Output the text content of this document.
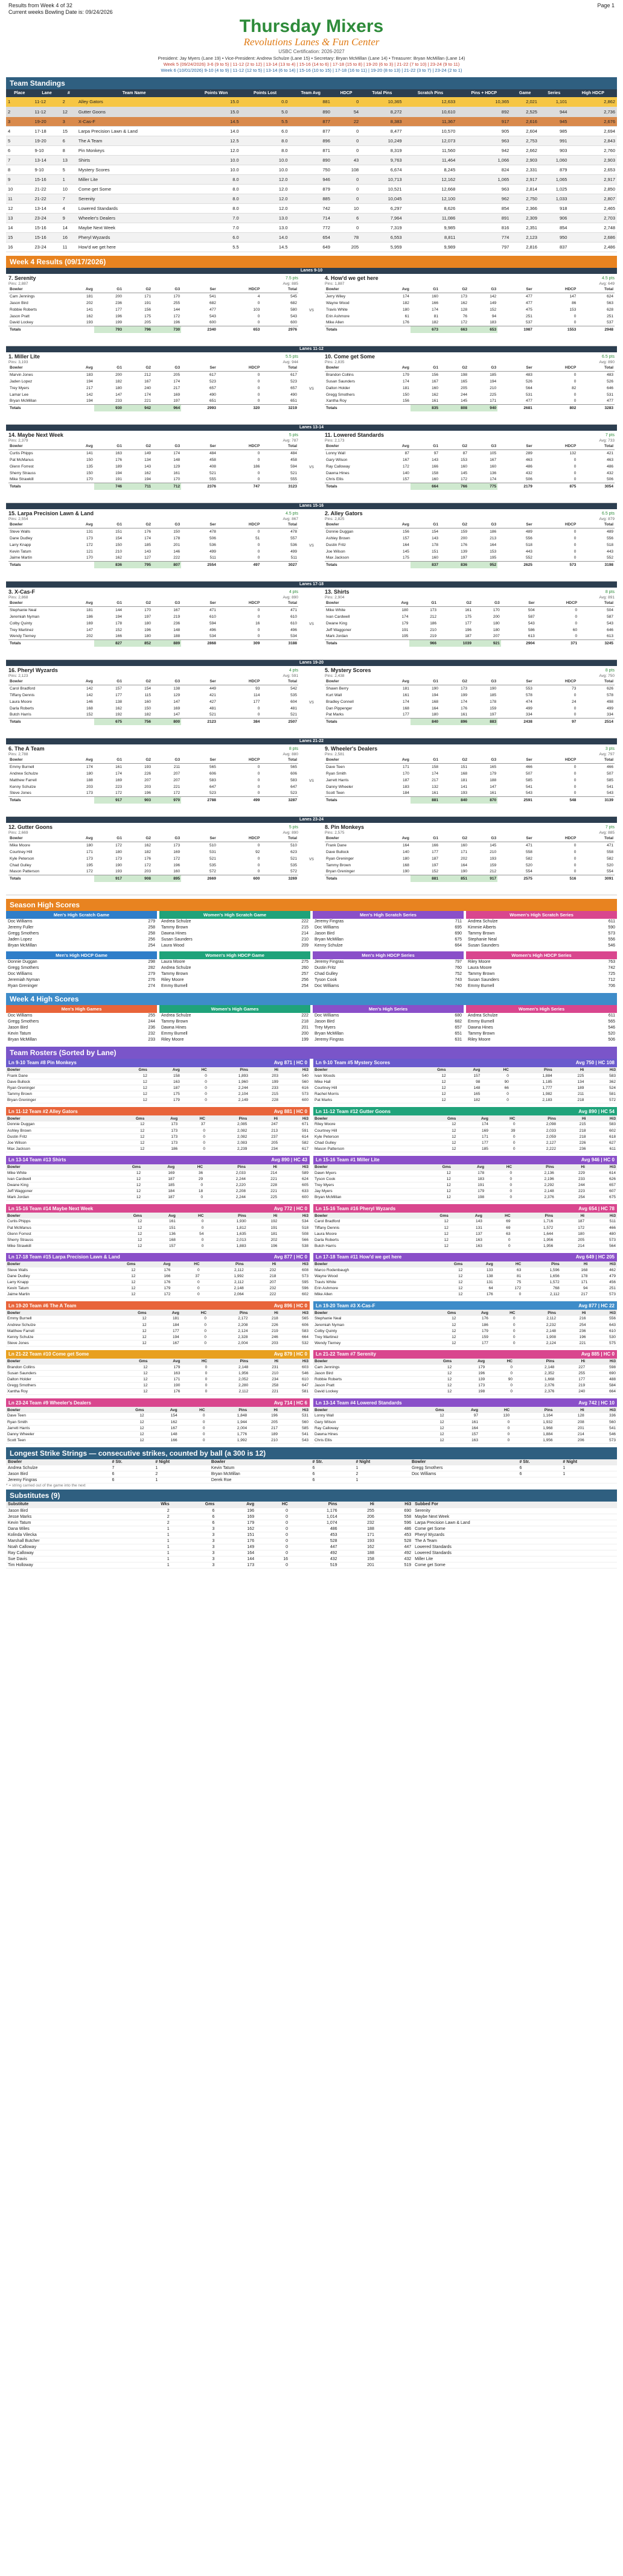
Results from Week 4 of 32
Current weeks Bowling Date is: 09/24/2026
Page 1
Thursday Mixers
Revolutions Lanes & Fun Center
USBC Certification: 2026-2027
President: Jay Myers (Lane 19) • Vice-President: Andrew Schulze (Lane 15) • Secretary: Bryan McMillan (Lane 14) • Treasurer: Bryan McMillan (Lane 14)
Week 5 (09/24/2026) 3-6 (9 to 5) | 11-12 (2 to 12) | 13-14 (13 to 4) | 15-16 (14 to 6) | 17-18 (15 to 8) | 19-20 (6 to 3) | 21-22 (7 to 10) | 23-24 (9 to 11)
Week 6 (10/01/2026) 9-10 (4 to 9) | 11-12 (12 to 5) | 13-14 (6 to 14) | 15-16 (10 to 15) | 17-18 (16 to 11) | 19-20 (8 to 13) | 21-22 (3 to 7) | 23-24 (2 to 1)
Team Standings
Place	Lane	#	Team Name	Points Won	Points Lost	Team Avg	HDCP	Total Pins	Scratch Pins	Pins + HDCP	Game	Series	High HDCP
1	11-12	2	Alley Gators	15.0	0.0	881	0	10,365	12,633	10,365	2,021	1,101	2,862
2	11-12	12	Gutter Goons	15.0	5.0	890	54	8,272	10,610	892	2,525	944	2,736
3	19-20	3	X-Cas-F	14.5	5.5	877	22	8,383	11,367	917	2,616	945	2,676
4	17-18	15	Larpa Precision Lawn & Land	14.0	6.0	877	0	8,477	10,570	905	2,604	985	2,694
5	19-20	6	The A Team	12.5	8.0	896	0	10,249	12,073	963	2,753	991	2,843
6	9-10	8	Pin Monkeys	12.0	8.0	871	0	8,319	11,560	942	2,662	903	2,760
7	13-14	13	Shirts	10.0	10.0	890	43	9,763	11,464	1,066	2,903	1,060	2,903
8	9-10	5	Mystery Scores	10.0	10.0	750	108	6,674	8,245	824	2,331	879	2,653
9	15-16	1	Miller Lite	8.0	12.0	946	0	10,713	12,162	1,065	2,917	1,065	2,917
10	21-22	10	Come get Some	8.0	12.0	879	0	10,521	12,668	963	2,814	1,025	2,850
11	21-22	7	Serenity	8.0	12.0	885	0	10,045	12,100	962	2,750	1,033	2,807
12	13-14	4	Lowered Standards	8.0	12.0	742	10	6,297	8,626	854	2,366	918	2,465
13	23-24	9	Wheeler's Dealers	7.0	13.0	714	6	7,964	11,086	891	2,309	906	2,703
14	15-16	14	Maybe Next Week	7.0	13.0	772	0	7,319	9,985	816	2,351	854	2,748
15	15-16	16	Pheryl Wyzards	6.0	14.0	654	78	6,553	8,811	774	2,123	950	2,686
16	23-24	11	How'd we get here	5.5	14.5	649	205	5,959	9,989	797	2,816	837	2,486
Week 4 Results (09/17/2026)
Lanes 9-10
7. Serenity	7.5 pts
Pins: 2,887	Avg: 885
Bowler	Avg	G1	G2	G3	Ser	HDCP	Total
Cam Jennings	181	200	171	170	541	4	545
Jason Bird	202	236	191	255	682	0	682
Robbie Roberts	141	177	156	144	477	103	580
Jason Pratt	162	196	175	172	543	0	543
David Lockey	193	199	205	196	600	0	600
Totals		793	796	730	2340	653	2976
vs
4. How'd we get here	4.5 pts
Pins: 1,887	Avg: 649
Bowler	Avg	G1	G2	G3	Ser	HDCP	Total
Jerry Wiley	174	160	173	142	477	147	624
Wayne Wood	182	166	162	149	477	86	563
Travis White	180	174	128	152	475	153	628
Erin Ashmore	61	81	76	94	251	0	251
Mike Allen	176	182	172	183	537	0	537
Totals		673	663	653	1987	1553	2948
Lanes 11-12
1. Miller Lite	5.5 pts
Pins: 3,193	Avg: 944
Bowler	Avg	G1	G2	G3	Ser	HDCP	Total
Marvin Jones	183	200	212	205	617	0	617
Jaden Lopez	194	182	167	174	523	0	523
Trey Myers	217	180	240	217	657	0	657
Lamar Lee	142	147	174	169	490	0	490
Bryan McMillan	194	233	221	197	651	0	651
Totals		930	942	964	2993	320	3219
vs
10. Come get Some	6.5 pts
Pins: 2,835	Avg: 890
Bowler	Avg	G1	G2	G3	Ser	HDCP	Total
Brandon Collins	179	156	198	185	483	0	483
Susan Saunders	174	167	165	194	526	0	526
Dalton Holder	181	160	205	210	564	82	646
Gregg Smothers	150	162	244	225	531	0	531
Xantha Roy	156	161	145	171	477	0	477
Totals		835	808	940	2681	802	3283
Lanes 13-14
14. Maybe Next Week	5 pts
Pins: 2,379	Avg: 787
Bowler	Avg	G1	G2	G3	Ser	HDCP	Total
Curtis Phipps	141	163	149	174	484	0	484
Pat McManus	150	176	134	148	458	0	458
Glenn Forrest	135	189	143	129	408	186	594
Sherry Strauss	150	194	162	161	521	0	521
Mike Strawkill	170	191	194	170	555	0	555
Totals		746	711	712	2376	747	3123
vs
11. Lowered Standards	7 pts
Pins: 2,173	Avg: 733
Bowler	Avg	G1	G2	G3	Ser	HDCP	Total
Lonny Wall	87	97	87	105	289	132	421
Gary Wilson	167	143	153	167	463	0	463
Ray Calloway	172	166	160	160	486	0	486
Dawna Hines	140	158	145	136	432	0	432
Chris Ellis	157	160	172	174	506	0	506
Totals		664	766	775	2179	875	3054
Lanes 15-16
15. Larpa Precision Lawn & Land	4.5 pts
Pins: 2,554	Avg: 867
Bowler	Avg	G1	G2	G3	Ser	HDCP	Total
Steve Walls	131	151	176	150	478	0	478
Dane Dudley	173	154	174	178	506	51	557
Larry Knapp	172	150	185	201	536	0	536
Kevin Tatum	121	210	143	146	499	0	499
Jaime Martin	170	162	127	222	511	0	511
Totals		836	795	807	2554	497	3027
vs
2. Alley Gators	6.5 pts
Pins: 2,825	Avg: 879
Bowler	Avg	G1	G2	G3	Ser	HDCP	Total
Donnie Duggan	156	154	159	186	489	0	489
Ashley Brown	157	143	200	213	556	0	556
Dustin Fritz	164	178	176	164	518	0	518
Joe Wilson	145	151	139	153	443	0	443
Max Jackson	175	160	197	195	552	0	552
Totals		837	836	952	2625	573	3198
Lanes 17-18
3. X-Cas-F	4 pts
Pins: 2,868	Avg: 890
Bowler	Avg	G1	G2	G3	Ser	HDCP	Total
Stephanie Neal	181	144	170	167	471	0	471
Jeremiah Nyman	186	194	197	219	610	0	610
Colby Quinty	169	178	180	236	594	16	610
Trey Martinez	147	152	196	148	496	0	496
Wendy Tierney	202	166	180	188	534	0	534
Totals		827	852	889	2868	309	3188
vs
13. Shirts	8 pts
Pins: 2,904	Avg: 891
Bowler	Avg	G1	G2	G3	Ser	HDCP	Total
Mike White	180	173	161	170	504	0	504
Ivan Cardwell	174	212	175	200	587	0	587
Dwane King	179	186	177	180	543	0	543
Jeff Waggoner	191	210	196	180	586	60	646
Mark Jordan	195	219	187	207	613	0	613
Totals		966	1039	921	2904	371	3245
Lanes 19-20
16. Pheryl Wyzards	4 pts
Pins: 2,123	Avg: 591
Bowler	Avg	G1	G2	G3	Ser	HDCP	Total
Carol Bradford	142	157	154	138	449	93	542
Tiffany Dennis	142	177	115	129	421	114	535
Laura Moore	146	138	160	147	427	177	604
Darla Roberts	168	162	150	169	481	0	481
Butch Harris	152	192	182	147	521	0	521
Totals		675	756	800	2123	384	2507
vs
5. Mystery Scores	8 pts
Pins: 2,438	Avg: 750
Bowler	Avg	G1	G2	G3	Ser	HDCP	Total
Shawn Berry	181	190	173	190	553	73	626
Kurt Wall	161	194	199	185	578	0	578
Bradley Connell	174	168	174	178	474	24	498
Dan Pippenger	168	164	176	159	499	0	499
Pat Marks	177	180	161	197	334	0	334
Totals		840	896	883	2438	97	2514
Lanes 21-22
6. The A Team	8 pts
Pins: 2,788	Avg: 880
Bowler	Avg	G1	G2	G3	Ser	HDCP	Total
Emmy Burnell	174	161	193	211	565	0	565
Andrew Schulze	180	174	226	207	606	0	606
Matthew Farrell	188	169	207	207	583	0	583
Kenny Schulze	203	223	203	221	647	0	647
Steve Jones	173	172	196	172	523	0	523
Totals		917	903	970	2788	499	3287
vs
9. Wheeler's Dealers	3 pts
Pins: 2,581	Avg: 797
Bowler	Avg	G1	G2	G3	Ser	HDCP	Total
Dave Teen	171	158	151	165	466	0	466
Ryan Smith	170	174	168	179	507	0	507
Jarrett Harris	187	217	181	188	585	0	585
Danny Wheeler	183	132	141	147	541	0	541
Scott Teen	184	161	193	161	543	0	543
Totals		881	840	870	2591	548	3139
Lanes 23-24
12. Gutter Goons	5 pts
Pins: 2,669	Avg: 890
Bowler	Avg	G1	G2	G3	Ser	HDCP	Total
Mike Moore	180	172	162	173	510	0	510
Courtney Hill	171	180	182	169	531	92	623
Kyle Peterson	173	173	176	172	521	0	521
Chad Gulley	195	190	172	196	535	0	535
Mason Patterson	172	193	203	160	572	0	572
Totals		917	908	895	2669	600	3269
vs
8. Pin Monkeys	7 pts
Pins: 2,575	Avg: 885
Bowler	Avg	G1	G2	G3	Ser	HDCP	Total
Frank Dane	164	166	160	145	471	0	471
Dave Bullock	140	177	171	210	558	0	558
Ryan Greninger	180	187	202	193	582	0	582
Tammy Brown	168	197	164	159	520	0	520
Bryan Greninger	190	152	190	212	554	0	554
Totals		881	851	917	2575	516	3091
Season High Scores
Men's High Scratch Game
Doc Williams	279
Jeremy Fuller	258
Gregg Smothers	258
Jaden Lopez	256
Bryan McMillan	254
Women's High Scratch Game
Andrea Schulze	222
Tammy Brown	215
Dawna Hines	214
Susan Saunders	210
Laura Wood	209
Men's High Scratch Series
Jeremy Fingras	711
Doc Williams	695
Jason Bird	690
Bryan McMillan	675
Kenny Schulze	664
Women's High Scratch Series
Andrea Schulze	611
Kimmie Alberts	590
Tammy Brown	573
Stephanie Neal	556
Susan Saunders	546
Men's High HDCP Game
Donnie Duggan	298
Gregg Smothers	282
Doc Williams	279
Jeremiah Nyman	276
Ryan Greninger	274
Women's High HDCP Game
Laura Moore	275
Andrea Schulze	260
Tammy Brown	257
Riley Moore	256
Emmy Burnell	254
Men's High HDCP Series
Jeremy Fingras	797
Dustin Fritz	760
Chad Gulley	752
Tyson Cook	743
Doc Williams	740
Women's High HDCP Series
Riley Moore	763
Laura Moore	742
Tammy Brown	725
Susan Saunders	712
Emmy Burnell	706
Week 4 High Scores
Men's High Games
Doc Williams	255
Gregg Smothers	244
Jason Bird	236
Kevin Tatum	232
Bryan McMillan	233
Women's High Games
Andrea Schulze	222
Tammy Brown	218
Dawna Hines	201
Emmy Burnell	200
Riley Moore	199
Men's High Series
Doc Williams	680
Jason Bird	682
Trey Myers	657
Bryan McMillan	651
Jeremy Fingras	631
Women's High Series
Andrea Schulze	611
Emmy Burnell	565
Dawna Hines	546
Tammy Brown	520
Riley Moore	506
Team Rosters (Sorted by Lane)
Ln 9-10 Team #8 Pin Monkeys	Avg 871 | HC 0
Bowler	Gms	Avg	HC	Pins	Hi	Hi3
Frank Dane	12	158	0	1,893	203	540
Dave Bullock	12	163	0	1,960	199	560
Ryan Greninger	12	187	0	2,244	233	616
Tammy Brown	12	175	0	2,104	215	573
Bryan Greninger	12	179	0	2,149	228	600
Ln 9-10 Team #5 Mystery Scores	Avg 750 | HC 108
Bowler	Gms	Avg	HC	Pins	Hi	Hi3
Ivan Woods	12	157	0	1,884	225	583
Mike Hall	12	98	90	1,185	134	362
Courtney Hill	12	148	66	1,777	189	524
Rachel Morris	12	165	0	1,982	211	581
Pat Marks	12	182	0	2,183	218	572
Ln 11-12 Team #2 Alley Gators	Avg 881 | HC 0
Bowler	Gms	Avg	HC	Pins	Hi	Hi3
Donnie Duggan	12	173	37	2,085	247	671
Ashley Brown	12	173	0	2,082	213	591
Dustin Fritz	12	173	0	2,082	237	614
Joe Wilson	12	173	0	2,083	205	582
Max Jackson	12	186	0	2,239	234	617
Ln 11-12 Team #12 Gutter Goons	Avg 890 | HC 54
Bowler	Gms	Avg	HC	Pins	Hi	Hi3
Riley Moore	12	174	0	2,098	215	583
Courtney Hill	12	169	39	2,033	218	602
Kyle Peterson	12	171	0	2,059	218	618
Chad Gulley	12	177	0	2,127	226	627
Mason Patterson	12	185	0	2,222	236	611
Ln 13-14 Team #13 Shirts	Avg 890 | HC 43
Bowler	Gms	Avg	HC	Pins	Hi	Hi3
Mike White	12	169	36	2,033	214	589
Ivan Cardwell	12	187	29	2,244	221	624
Dwane King	12	185	0	2,220	228	605
Jeff Waggoner	12	184	18	2,208	221	633
Mark Jordan	12	187	0	2,244	225	600
Ln 15-16 Team #1 Miller Lite	Avg 946 | HC 0
Bowler	Gms	Avg	HC	Pins	Hi	Hi3
Dawn Myers	12	178	0	2,136	229	614
Tyson Cook	12	183	0	2,196	233	626
Trey Myers	12	191	0	2,292	244	657
Jay Myers	12	179	0	2,148	223	607
Bryan McMillan	12	198	0	2,376	254	675
Ln 15-16 Team #14 Maybe Next Week	Avg 772 | HC 0
Bowler	Gms	Avg	HC	Pins	Hi	Hi3
Curtis Phipps	12	161	0	1,930	192	534
Pat McManus	12	151	0	1,812	191	518
Glenn Forrest	12	136	54	1,635	181	508
Sherry Strauss	12	168	0	2,013	202	566
Mike Strawkill	12	157	0	1,883	196	538
Ln 15-16 Team #16 Pheryl Wyzards	Avg 654 | HC 78
Bowler	Gms	Avg	HC	Pins	Hi	Hi3
Carol Bradford	12	143	69	1,716	187	511
Tiffany Dennis	12	131	69	1,572	172	466
Laura Moore	12	137	63	1,644	180	480
Darla Roberts	12	163	0	1,956	205	573
Butch Harris	12	163	0	1,956	214	564
Ln 17-18 Team #15 Larpa Precision Lawn & Land	Avg 877 | HC 0
Bowler	Gms	Avg	HC	Pins	Hi	Hi3
Steve Walls	12	176	0	2,112	232	608
Dane Dudley	12	166	37	1,992	218	573
Larry Knapp	12	176	0	2,112	207	595
Kevin Tatum	12	179	0	2,148	232	596
Jaime Martin	12	172	0	2,064	222	602
Ln 17-18 Team #11 How'd we get here	Avg 649 | HC 205
Bowler	Gms	Avg	HC	Pins	Hi	Hi3
Marco Rodenbaugh	12	133	63	1,596	168	462
Wayne Wood	12	138	81	1,656	178	479
Travis White	12	131	75	1,572	171	456
Erin Ashmore	12	64	172	768	94	251
Mike Allen	12	176	0	2,112	217	573
Ln 19-20 Team #6 The A Team	Avg 896 | HC 0
Bowler	Gms	Avg	HC	Pins	Hi	Hi3
Emmy Burnell	12	181	0	2,172	218	565
Andrew Schulze	12	184	0	2,208	226	606
Matthew Farrell	12	177	0	2,124	219	583
Kenny Schulze	12	194	0	2,328	246	664
Steve Jones	12	167	0	2,004	203	532
Ln 19-20 Team #3 X-Cas-F	Avg 877 | HC 22
Bowler	Gms	Avg	HC	Pins	Hi	Hi3
Stephanie Neal	12	176	0	2,112	216	556
Jeremiah Nyman	12	186	0	2,232	254	643
Colby Quinty	12	179	0	2,148	236	610
Trey Martinez	12	159	0	1,908	196	530
Wendy Tierney	12	177	0	2,124	221	575
Ln 21-22 Team #10 Come get Some	Avg 879 | HC 0
Bowler	Gms	Avg	HC	Pins	Hi	Hi3
Brandon Collins	12	179	0	2,148	231	603
Susan Saunders	12	163	0	1,956	210	546
Dalton Holder	12	171	0	2,052	234	610
Gregg Smothers	12	190	0	2,280	258	647
Xantha Roy	12	176	0	2,112	221	581
Ln 21-22 Team #7 Serenity	Avg 885 | HC 0
Bowler	Gms	Avg	HC	Pins	Hi	Hi3
Cam Jennings	12	179	0	2,148	227	598
Jason Bird	12	196	0	2,352	255	690
Robbie Roberts	12	139	90	1,668	177	488
Jason Pratt	12	173	0	2,076	219	584
David Lockey	12	198	0	2,376	240	664
Ln 23-24 Team #9 Wheeler's Dealers	Avg 714 | HC 6
Bowler	Gms	Avg	HC	Pins	Hi	Hi3
Dave Teen	12	154	0	1,848	196	531
Ryan Smith	12	162	0	1,944	205	560
Jarrett Harris	12	167	0	2,004	217	585
Danny Wheeler	12	148	0	1,776	189	541
Scott Teen	12	166	0	1,992	210	543
Ln 13-14 Team #4 Lowered Standards	Avg 742 | HC 10
Bowler	Gms	Avg	HC	Pins	Hi	Hi3
Lonny Wall	12	97	130	1,164	128	336
Gary Wilson	12	161	0	1,932	208	560
Ray Calloway	12	164	0	1,968	201	541
Dawna Hines	12	157	0	1,884	214	546
Chris Ellis	12	163	0	1,956	206	573
Longest Strike Strings — consecutive strikes, counted by ball (a 300 is 12)
Bowler	# Str.	# Night	Bowler	# Str.	# Night	Bowler	# Str.	# Night
Andrea Schulze	7	1	Kevin Tatum	6	1	Gregg Smothers	6	1
Jason Bird	6	2	Bryan McMillan	6	2	Doc Williams	6	1
Jeremy Fingras	6	1	Derek Roe	6	1			
* = string carried out of the game into the next
Substitutes (9)
Substitute	Wks	Gms	Avg	HC	Pins	Hi	Hi3	Subbed For
Jason Bird	2	6	196	0	1,176	255	690	Serenity
Jesse Marks	2	6	169	0	1,014	206	558	Maybe Next Week
Kevin Tatum	2	6	179	0	1,074	232	596	Larpa Precision Lawn & Land
Dana Wiles	1	3	162	0	486	188	486	Come get Some
Kolinda Vilecka	1	3	151	0	453	171	453	Pheryl Wyzards
Marshall Butcher	1	3	176	0	528	193	528	The A Team
Noah Calloway	1	3	149	0	447	162	447	Lowered Standards
Ray Calloway	1	3	164	0	492	188	492	Lowered Standards
Sue Davis	1	3	144	16	432	158	432	Miller Lite
Tim Holloway	1	3	173	0	519	201	519	Come get Some
